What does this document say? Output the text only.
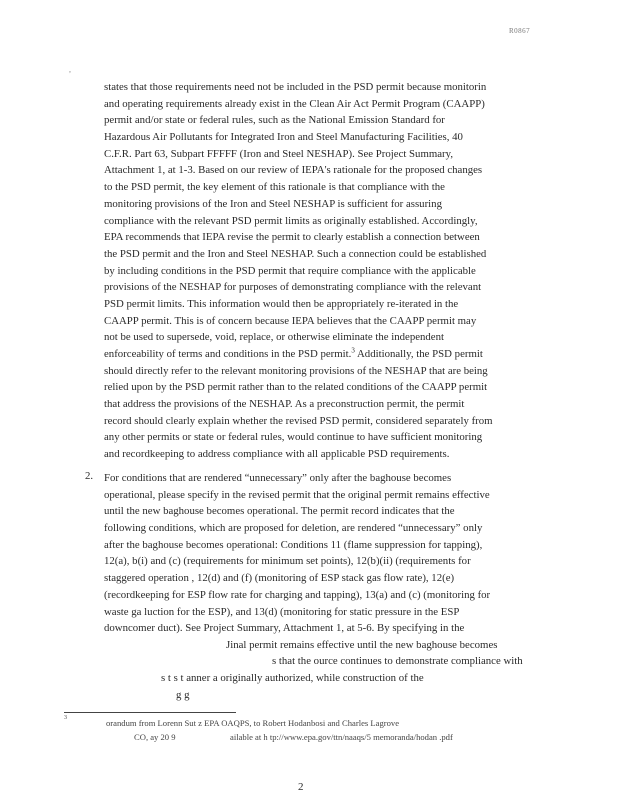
R0867
,
states that those requirements need not be included in the PSD permit because monitorin
and operating requirements already exist in the Clean Air Act Permit Program (CAAPP)
permit and/or state or federal rules, such as the National Emission Standard for
Hazardous Air Pollutants for Integrated Iron and Steel Manufacturing Facilities, 40
C.F.R. Part 63, Subpart FFFFF (Iron and Steel NESHAP). See Project Summary,
Attachment 1, at 1-3. Based on our review of IEPA's rationale for the proposed changes
to the PSD permit, the key element of this rationale is that compliance with the
monitoring provisions of the Iron and Steel NESHAP is sufficient for assuring
compliance with the relevant PSD permit limits as originally established. Accordingly,
EPA recommends that IEPA revise the permit to clearly establish a connection between
the PSD permit and the Iron and Steel NESHAP. Such a connection could be established
by including conditions in the PSD permit that require compliance with the applicable
provisions of the NESHAP for purposes of demonstrating compliance with the relevant
PSD permit limits. This information would then be appropriately re-iterated in the
CAAPP permit. This is of concern because IEPA believes that the CAAPP permit may
not be used to supersede, void, replace, or otherwise eliminate the independent
enforceability of terms and conditions in the PSD permit.$^3$ Additionally, the PSD permit
should directly refer to the relevant monitoring provisions of the NESHAP that are being
relied upon by the PSD permit rather than to the related conditions of the CAAPP permit
that address the provisions of the NESHAP. As a preconstruction permit, the permit
record should clearly explain whether the revised PSD permit, considered separately from
any other permits or state or federal rules, would continue to have sufficient monitoring
and recordkeeping to address compliance with all applicable PSD requirements.
2. For conditions that are rendered “unnecessary” only after the baghouse becomes
operational, please specify in the revised permit that the original permit remains effective
until the new baghouse becomes operational. The permit record indicates that the
following conditions, which are proposed for deletion, are rendered “unnecessary” only
after the baghouse becomes operational: Conditions 11 (flame suppression for tapping),
12(a), b(i) and (c) (requirements for minimum set points), 12(b)(ii) (requirements for
staggered operation , 12(d) and (f) (monitoring of ESP stack gas flow rate), 12(e)
(recordkeeping for ESP flow rate for charging and tapping), 13(a) and (c) (monitoring for
waste ga luction for the ESP), and 13(d) (monitoring for static pressure in the ESP
downcomer duct). See Project Summary, Attachment 1, at 5-6. By specifying in the
Jinal permit remains effective until the new baghouse becomes
s that the ource continues to demonstrate compliance with
s t s t anner a originally authorized, while construction of the
g g
3	orandum from Lorenn Sut z EPA OAQPS, to Robert Hodanbosi and Charles Lagrove
CO, ay 20 9	ailable at h tp://www.epa.gov/ttn/naaqs/5 memoranda/hodan .pdf
2
